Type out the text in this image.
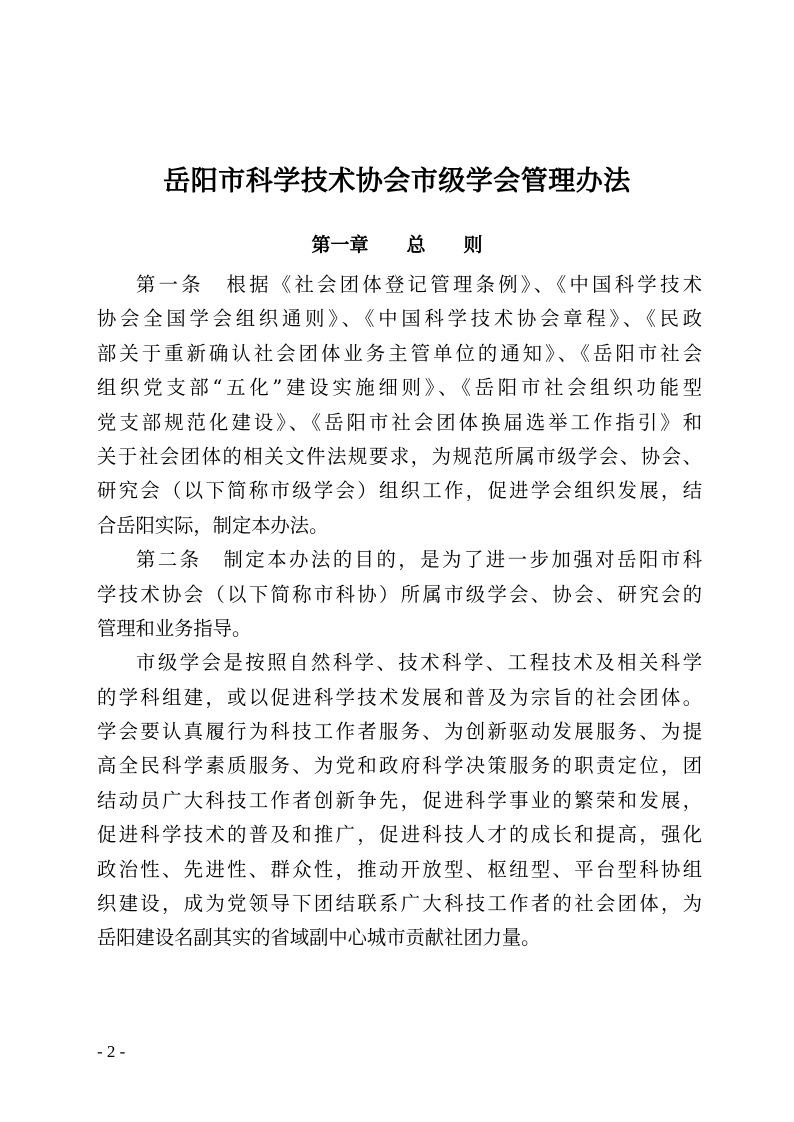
岳阳市科学技术协会市级学会管理办法
第一章　　总　　则
第一条　根据《社会团体登记管理条例》、《中国科学技术
协会全国学会组织通则》、《中国科学技术协会章程》、《民政
部关于重新确认社会团体业务主管单位的通知》、《岳阳市社会
组织党支部“五化”建设实施细则》、《岳阳市社会组织功能型
党支部规范化建设》、《岳阳市社会团体换届选举工作指引》和
关于社会团体的相关文件法规要求，为规范所属市级学会、协会、
研究会（以下简称市级学会）组织工作，促进学会组织发展，结
合岳阳实际，制定本办法。
第二条　制定本办法的目的，是为了进一步加强对岳阳市科
学技术协会（以下简称市科协）所属市级学会、协会、研究会的
管理和业务指导。
市级学会是按照自然科学、技术科学、工程技术及相关科学
的学科组建，或以促进科学技术发展和普及为宗旨的社会团体。
学会要认真履行为科技工作者服务、为创新驱动发展服务、为提
高全民科学素质服务、为党和政府科学决策服务的职责定位，团
结动员广大科技工作者创新争先，促进科学事业的繁荣和发展，
促进科学技术的普及和推广，促进科技人才的成长和提高，强化
政治性、先进性、群众性，推动开放型、枢纽型、平台型科协组
织建设，成为党领导下团结联系广大科技工作者的社会团体，为
岳阳建设名副其实的省域副中心城市贡献社团力量。
- 2 -
